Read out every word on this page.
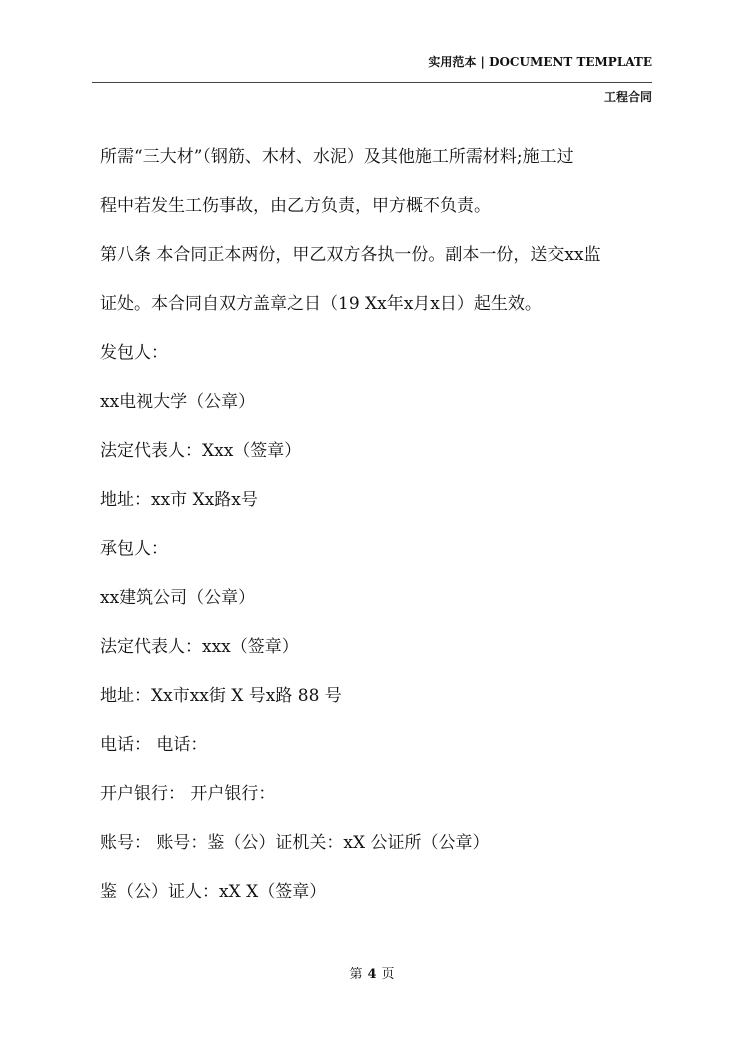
实用范本 | DOCUMENT TEMPLATE
工程合同
所需“三大材”（钢筋、木材、水泥）及其他施工所需材料;施工过
程中若发生工伤事故，由乙方负责，甲方概不负责。
第八条 本合同正本两份，甲乙双方各执一份。副本一份，送交xx监
证处。本合同自双方盖章之日（19 Xx年x月x日）起生效。
发包人：
xx电视大学（公章）
法定代表人：Xxx（签章）
地址：xx市 Xx路x号
承包人：
xx建筑公司（公章）
法定代表人：xxx（签章）
地址：Xx市xx街 X 号x路 88 号
电话： 电话：
开户银行： 开户银行：
账号： 账号：鉴（公）证机关：xX 公证所（公章）
鉴（公）证人：xX X（签章）
第 4 页
